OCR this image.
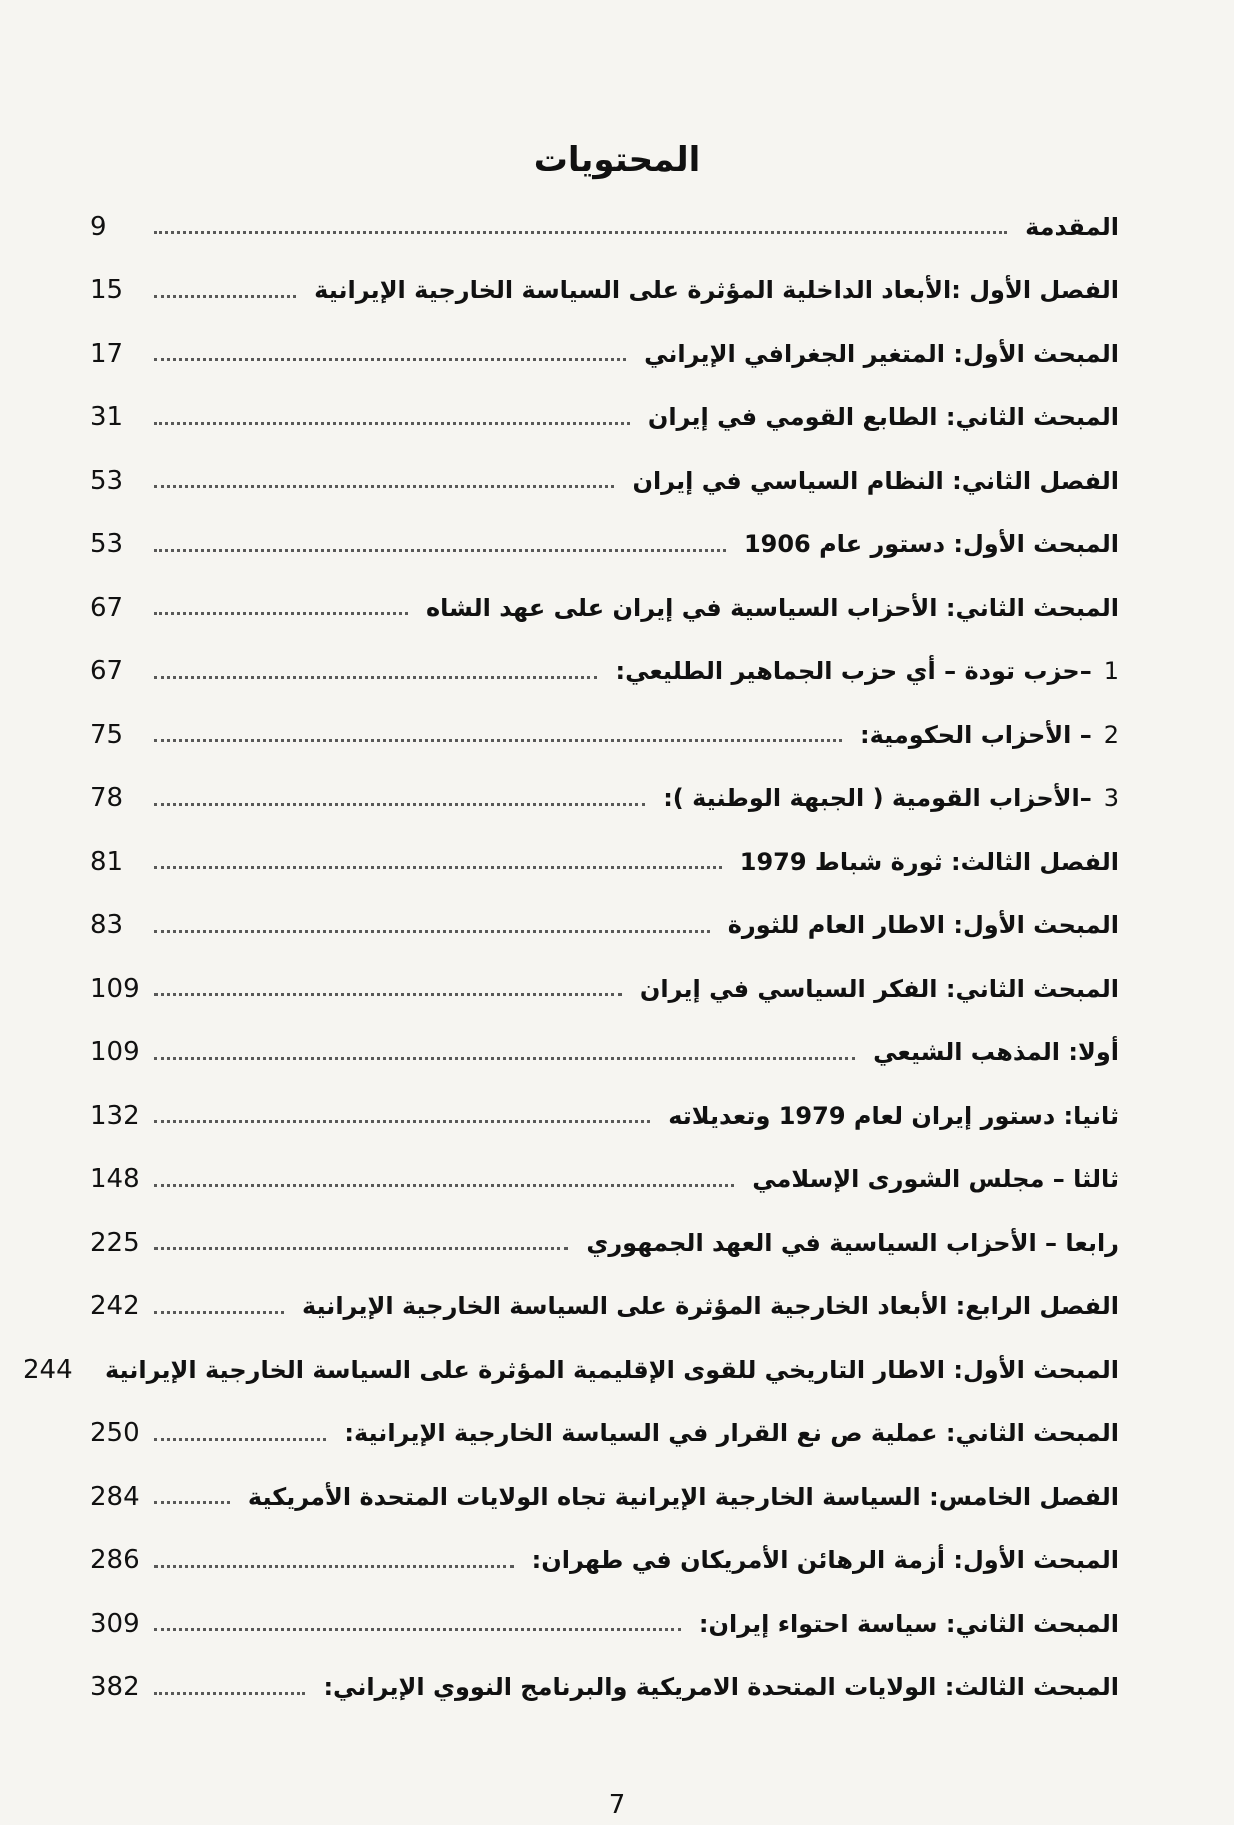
المحتويات
المقدمة
9
الفصل الأول :الأبعاد الداخلية المؤثرة على السياسة الخارجية الإيرانية
15
المبحث الأول: المتغير الجغرافي الإيراني
17
المبحث الثاني: الطابع القومي في إيران
31
الفصل الثاني: النظام السياسي في إيران
53
المبحث الأول: دستور عام 1906
53
المبحث الثاني: الأحزاب السياسية في إيران على عهد الشاه
67
1–حزب تودة – أي حزب الجماهير الطليعي:
67
2– الأحزاب الحكومية:
75
3–الأحزاب القومية ( الجبهة الوطنية ):
78
الفصل الثالث: ثورة شباط 1979
81
المبحث الأول: الاطار العام للثورة
83
المبحث الثاني: الفكر السياسي في إيران
109
أولا: المذهب الشيعي
109
ثانيا: دستور إيران لعام 1979 وتعديلاته
132
ثالثا – مجلس الشورى الإسلامي
148
رابعا – الأحزاب السياسية في العهد الجمهوري
225
الفصل الرابع: الأبعاد الخارجية المؤثرة على السياسة الخارجية الإيرانية
242
المبحث الأول: الاطار التاريخي للقوى الإقليمية المؤثرة على السياسة الخارجية الإيرانية
244
المبحث الثاني: عملية ص نع القرار في السياسة الخارجية الإيرانية:
250
الفصل الخامس: السياسة الخارجية الإيرانية تجاه الولايات المتحدة الأمريكية
284
المبحث الأول: أزمة الرهائن الأمريكان في طهران:
286
المبحث الثاني: سياسة احتواء إيران:
309
المبحث الثالث: الولايات المتحدة الامريكية والبرنامج النووي الإيراني:
382
7
